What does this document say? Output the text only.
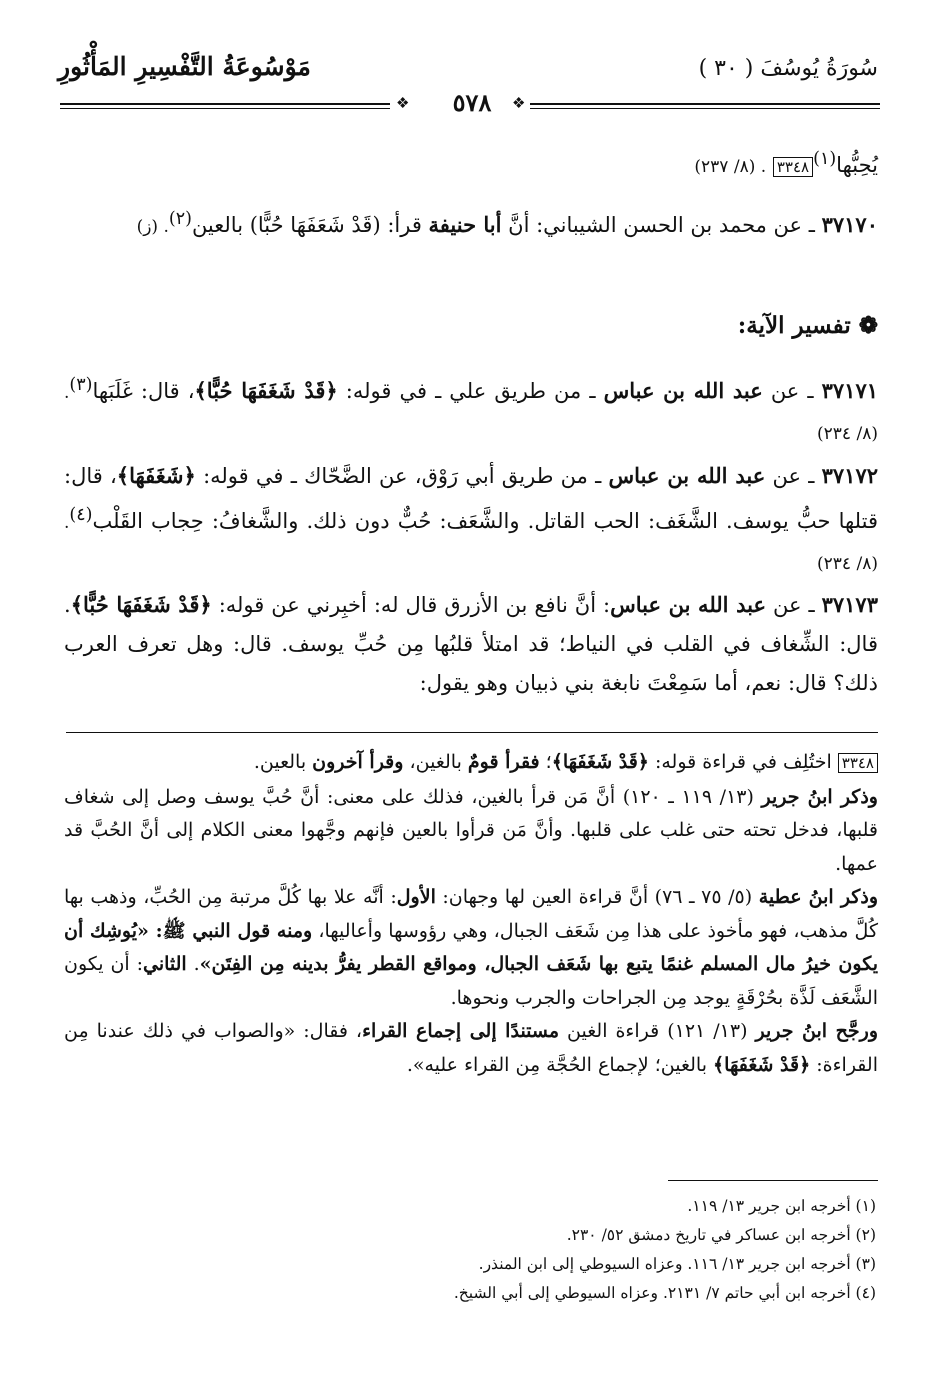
سُورَةُ يُوسُفَ ( ٣٠ )
مَوْسُوعَةُ التَّفْسِيرِ المَأْثُورِ
❖	❖
٥٧٨

يُحِبُّها$^{(١)}$٣٣٤٨ . (٨/ ٢٣٧)

٣٧١٧٠ ـ عن محمد بن الحسن الشيباني: أنَّ أبا حنيفة قرأ: (قَدْ شَعَفَهَا حُبًّا) بالعين$^{(٢)}$. (ز)

❁ تفسير الآية:

٣٧١٧١ ـ عن عبد الله بن عباس ـ من طريق علي ـ في قوله: ﴿قَدْ شَغَفَهَا حُبًّا﴾، قال: غَلَبَها$^{(٣)}$. (٨/ ٢٣٤)

٣٧١٧٢ ـ عن عبد الله بن عباس ـ من طريق أبي رَوْق، عن الضَّحّاك ـ في قوله: ﴿شَغَفَهَا﴾، قال: قتلها حبُّ يوسف. الشَّغَف: الحب القاتل. والشَّعَف: حُبٌّ دون ذلك. والشَّغافُ: حِجاب القَلْب$^{(٤)}$. (٨/ ٢٣٤)

٣٧١٧٣ ـ عن عبد الله بن عباس: أنَّ نافع بن الأزرق قال له: أخبِرني عن قوله: ﴿قَدْ شَغَفَهَا حُبًّا﴾. قال: الشِّغاف في القلب في النياط؛ قد امتلأ قلبُها مِن حُبِّ يوسف. قال: وهل تعرف العرب ذلك؟ قال: نعم، أما سَمِعْتَ نابغة بني ذبيان وهو يقول:

٣٣٤٨ اختُلِف في قراءة قوله: ﴿قَدْ شَغَفَهَا﴾؛ فقرأ قومٌ بالغين، وقرأ آخرون بالعين.

وذكر ابنُ جرير (١٣/ ١١٩ ـ ١٢٠) أنَّ مَن قرأ بالغين، فذلك على معنى: أنَّ حُبَّ يوسف وصل إلى شغاف قلبها، فدخل تحته حتى غلب على قلبها. وأنَّ مَن قرأوا بالعين فإنهم وجَّهوا معنى الكلام إلى أنَّ الحُبَّ قد عمها.

وذكر ابنُ عطية (٥/ ٧٥ ـ ٧٦) أنَّ قراءة العين لها وجهان: الأول: أنَّه علا بها كُلَّ مرتبة مِن الحُبِّ، وذهب بها كُلَّ مذهب، فهو مأخوذ على هذا مِن شَعَف الجبال، وهي رؤوسها وأعاليها، ومنه قول النبي ﷺ: «يُوشِك أن يكون خيرُ مال المسلم غنمًا يتبع بها شَعَف الجبال، ومواقع القطر يفرُّ بدينه مِن الفِتَن». الثاني: أن يكون الشَّعَف لَذَّة بحُرْقَةٍ يوجد مِن الجراحات والجرب ونحوها.

ورجَّح ابنُ جرير (١٣/ ١٢١) قراءة الغين مستندًا إلى إجماع القراء، فقال: «والصواب في ذلك عندنا مِن القراءة: ﴿قَدْ شَغَفَهَا﴾ بالغين؛ لإجماع الحُجَّة مِن القراء عليه».

(١) أخرجه ابن جرير ١٣/ ١١٩.

(٢) أخرجه ابن عساكر في تاريخ دمشق ٥٢/ ٢٣٠.

(٣) أخرجه ابن جرير ١٣/ ١١٦. وعزاه السيوطي إلى ابن المنذر.

(٤) أخرجه ابن أبي حاتم ٧/ ٢١٣١. وعزاه السيوطي إلى أبي الشيخ.
